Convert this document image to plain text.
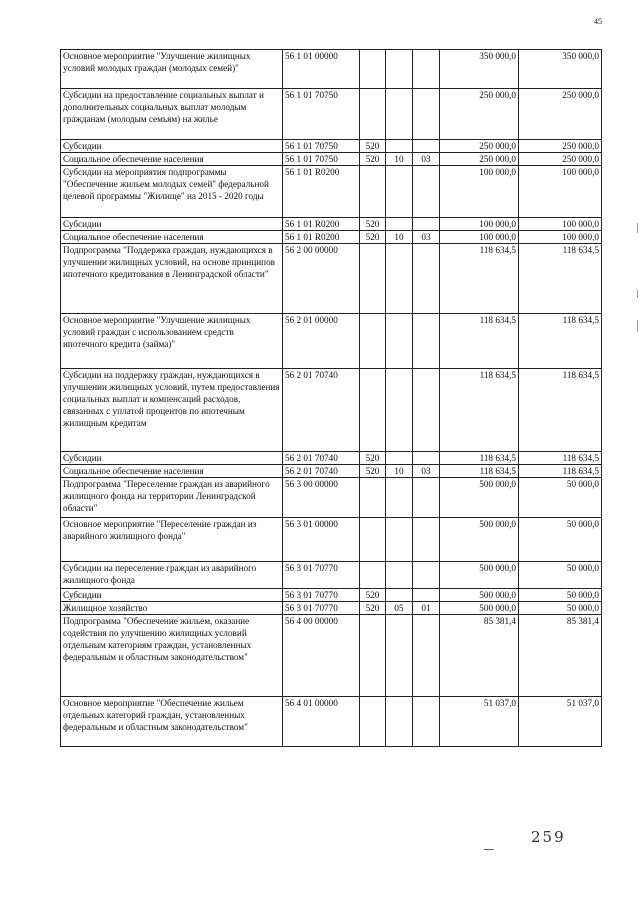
45
Основное мероприятие "Улучшение жилищных условий молодых граждан (молодых семей)"	56 1 01 00000				350 000,0	350 000,0
Субсидии на предоставление социальных выплат и дополнительных социальных выплат молодым гражданам (молодым семьям) на жилье	56 1 01 70750				250 000,0	250 000,0
Субсидии	56 1 01 70750	520			250 000,0	250 000,0
Социальное обеспечение населения	56 1 01 70750	520	10	03	250 000,0	250 000,0
Субсидии на мероприятия подпрограммы "Обеспечение жильем молодых семей" федеральной целевой программы "Жилище" на 2015 - 2020 годы	56 1 01 R0200				100 000,0	100 000,0
Субсидии	56 1 01 R0200	520			100 000,0	100 000,0
Социальное обеспечение населения	56 1 01 R0200	520	10	03	100 000,0	100 000,0
Подпрограмма "Поддержка граждан, нуждающихся в улучшении жилищных условий, на основе принципов ипотечного кредитования в Ленинградской области"	56 2 00 00000				118 634,5	118 634,5
Основное мероприятие "Улучшение жилищных условий граждан с использованием средств ипотечного кредита (займа)"	56 2 01 00000				118 634,5	118 634,5
Субсидии на поддержку граждан, нуждающихся в улучшении жилищных условий, путем предоставления социальных выплат и компенсаций расходов, связанных с уплатой процентов по ипотечным жилищным кредитам	56 2 01 70740				118 634,5	118 634,5
Субсидии	56 2 01 70740	520			118 634,5	118 634,5
Социальное обеспечение населения	56 2 01 70740	520	10	03	118 634,5	118 634,5
Подпрограмма "Переселение граждан из аварийного жилищного фонда на территории Ленинградской области"	56 3 00 00000				500 000,0	50 000,0
Основное мероприятие "Переселение граждан из аварийного жилищного фонда"	56 3 01 00000				500 000,0	50 000,0
Субсидии на переселение граждан из аварийного жилищного фонда	56 3 01 70770				500 000,0	50 000,0
Субсидии	56 3 01 70770	520			500 000,0	50 000,0
Жилищное хозяйство	56 3 01 70770	520	05	01	500 000,0	50 000,0
Подпрограмма "Обеспечение жильем, оказание содействия по улучшению жилищных условий отдельным категориям граждан, установленных федеральным и областным законодательством"	56 4 00 00000				85 381,4	85 381,4
Основное мероприятие "Обеспечение жильем отдельных категорий граждан, установленных федеральным и областным законодательством"	56 4 01 00000				51 037,0	51 037,0
259
